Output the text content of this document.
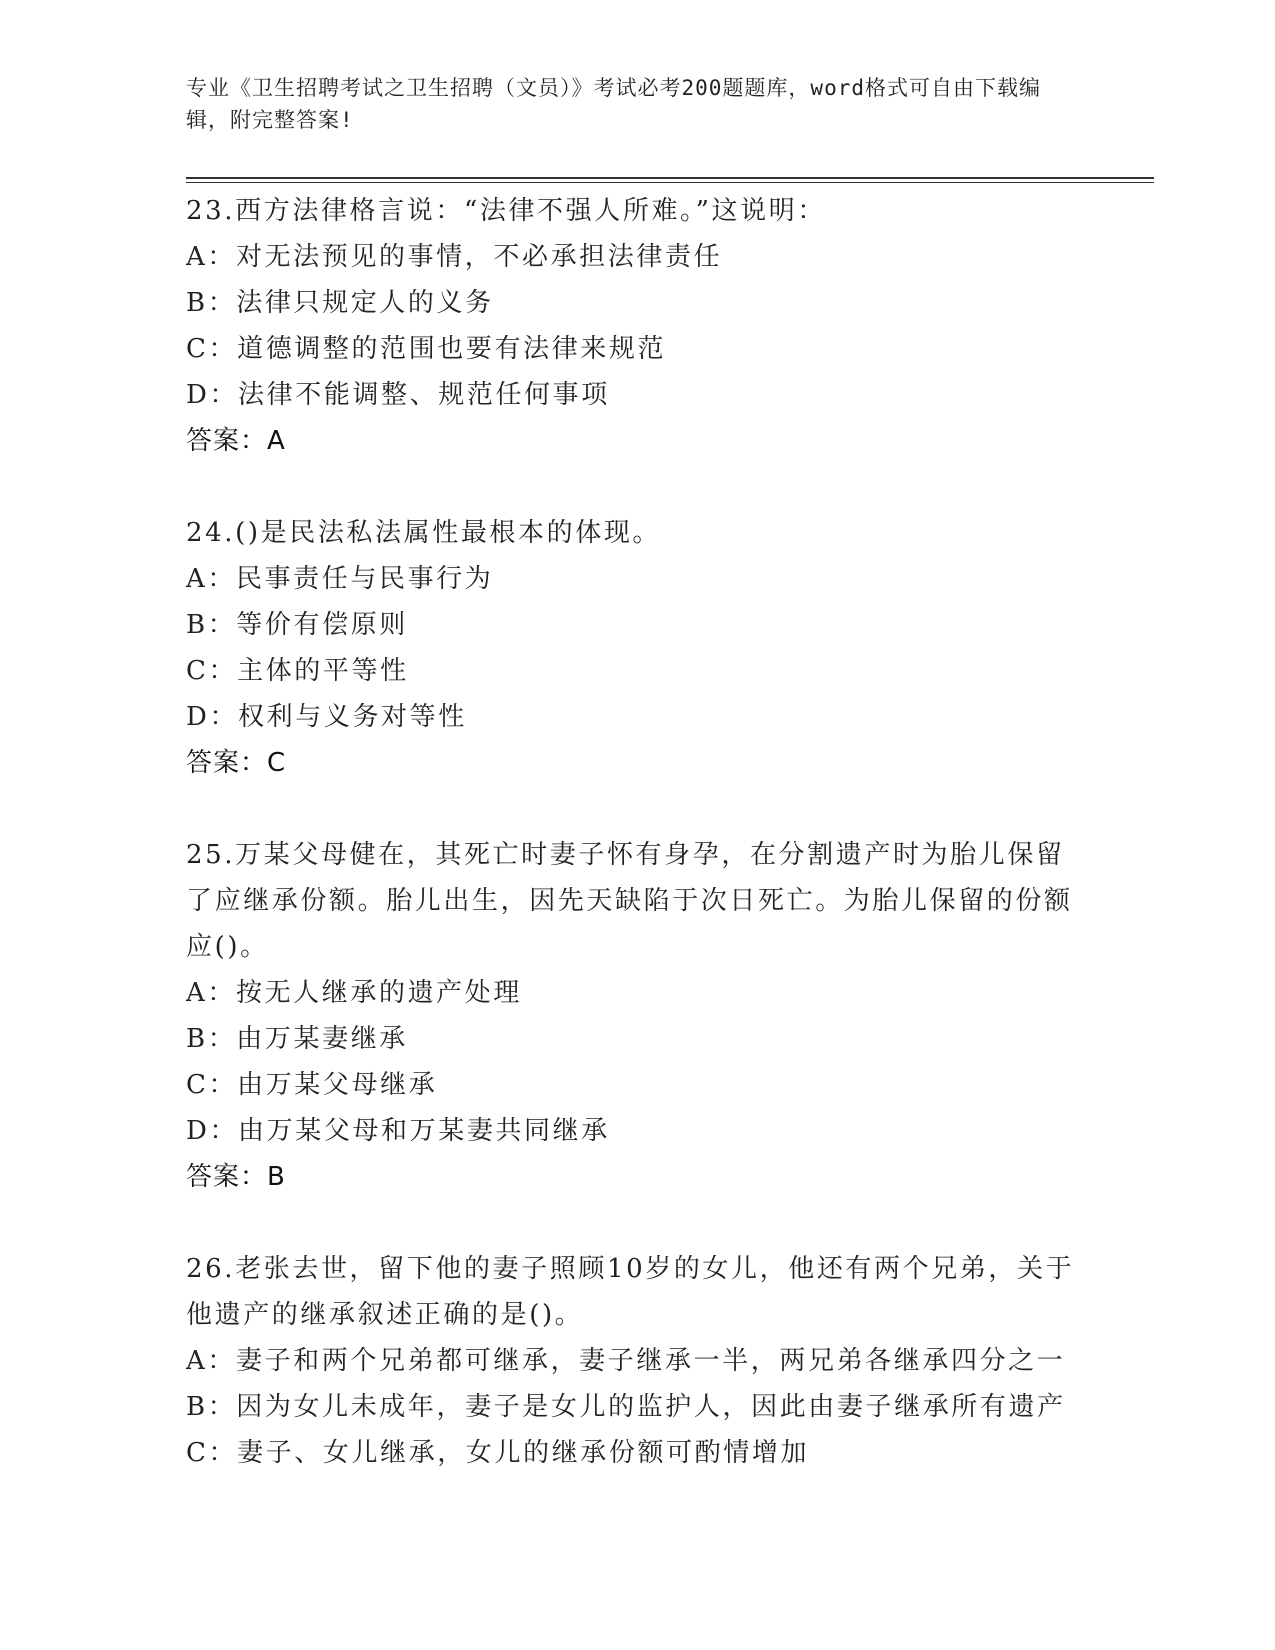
专业《卫生招聘考试之卫生招聘（文员）》考试必考200题题库，word格式可自由下载编辑，附完整答案!

23.西方法律格言说：“法律不强人所难。”这说明：

A：对无法预见的事情，不必承担法律责任

B：法律只规定人的义务

C：道德调整的范围也要有法律来规范

D：法律不能调整、规范任何事项

答案：A

24.()是民法私法属性最根本的体现。

A：民事责任与民事行为

B：等价有偿原则

C：主体的平等性

D：权利与义务对等性

答案：C

25.万某父母健在，其死亡时妻子怀有身孕，在分割遗产时为胎儿保留了应继承份额。胎儿出生，因先天缺陷于次日死亡。为胎儿保留的份额应()。

A：按无人继承的遗产处理

B：由万某妻继承

C：由万某父母继承

D：由万某父母和万某妻共同继承

答案：B

26.老张去世，留下他的妻子照顾10岁的女儿，他还有两个兄弟，关于他遗产的继承叙述正确的是()。

A：妻子和两个兄弟都可继承，妻子继承一半，两兄弟各继承四分之一

B：因为女儿未成年，妻子是女儿的监护人，因此由妻子继承所有遗产

C：妻子、女儿继承，女儿的继承份额可酌情增加
